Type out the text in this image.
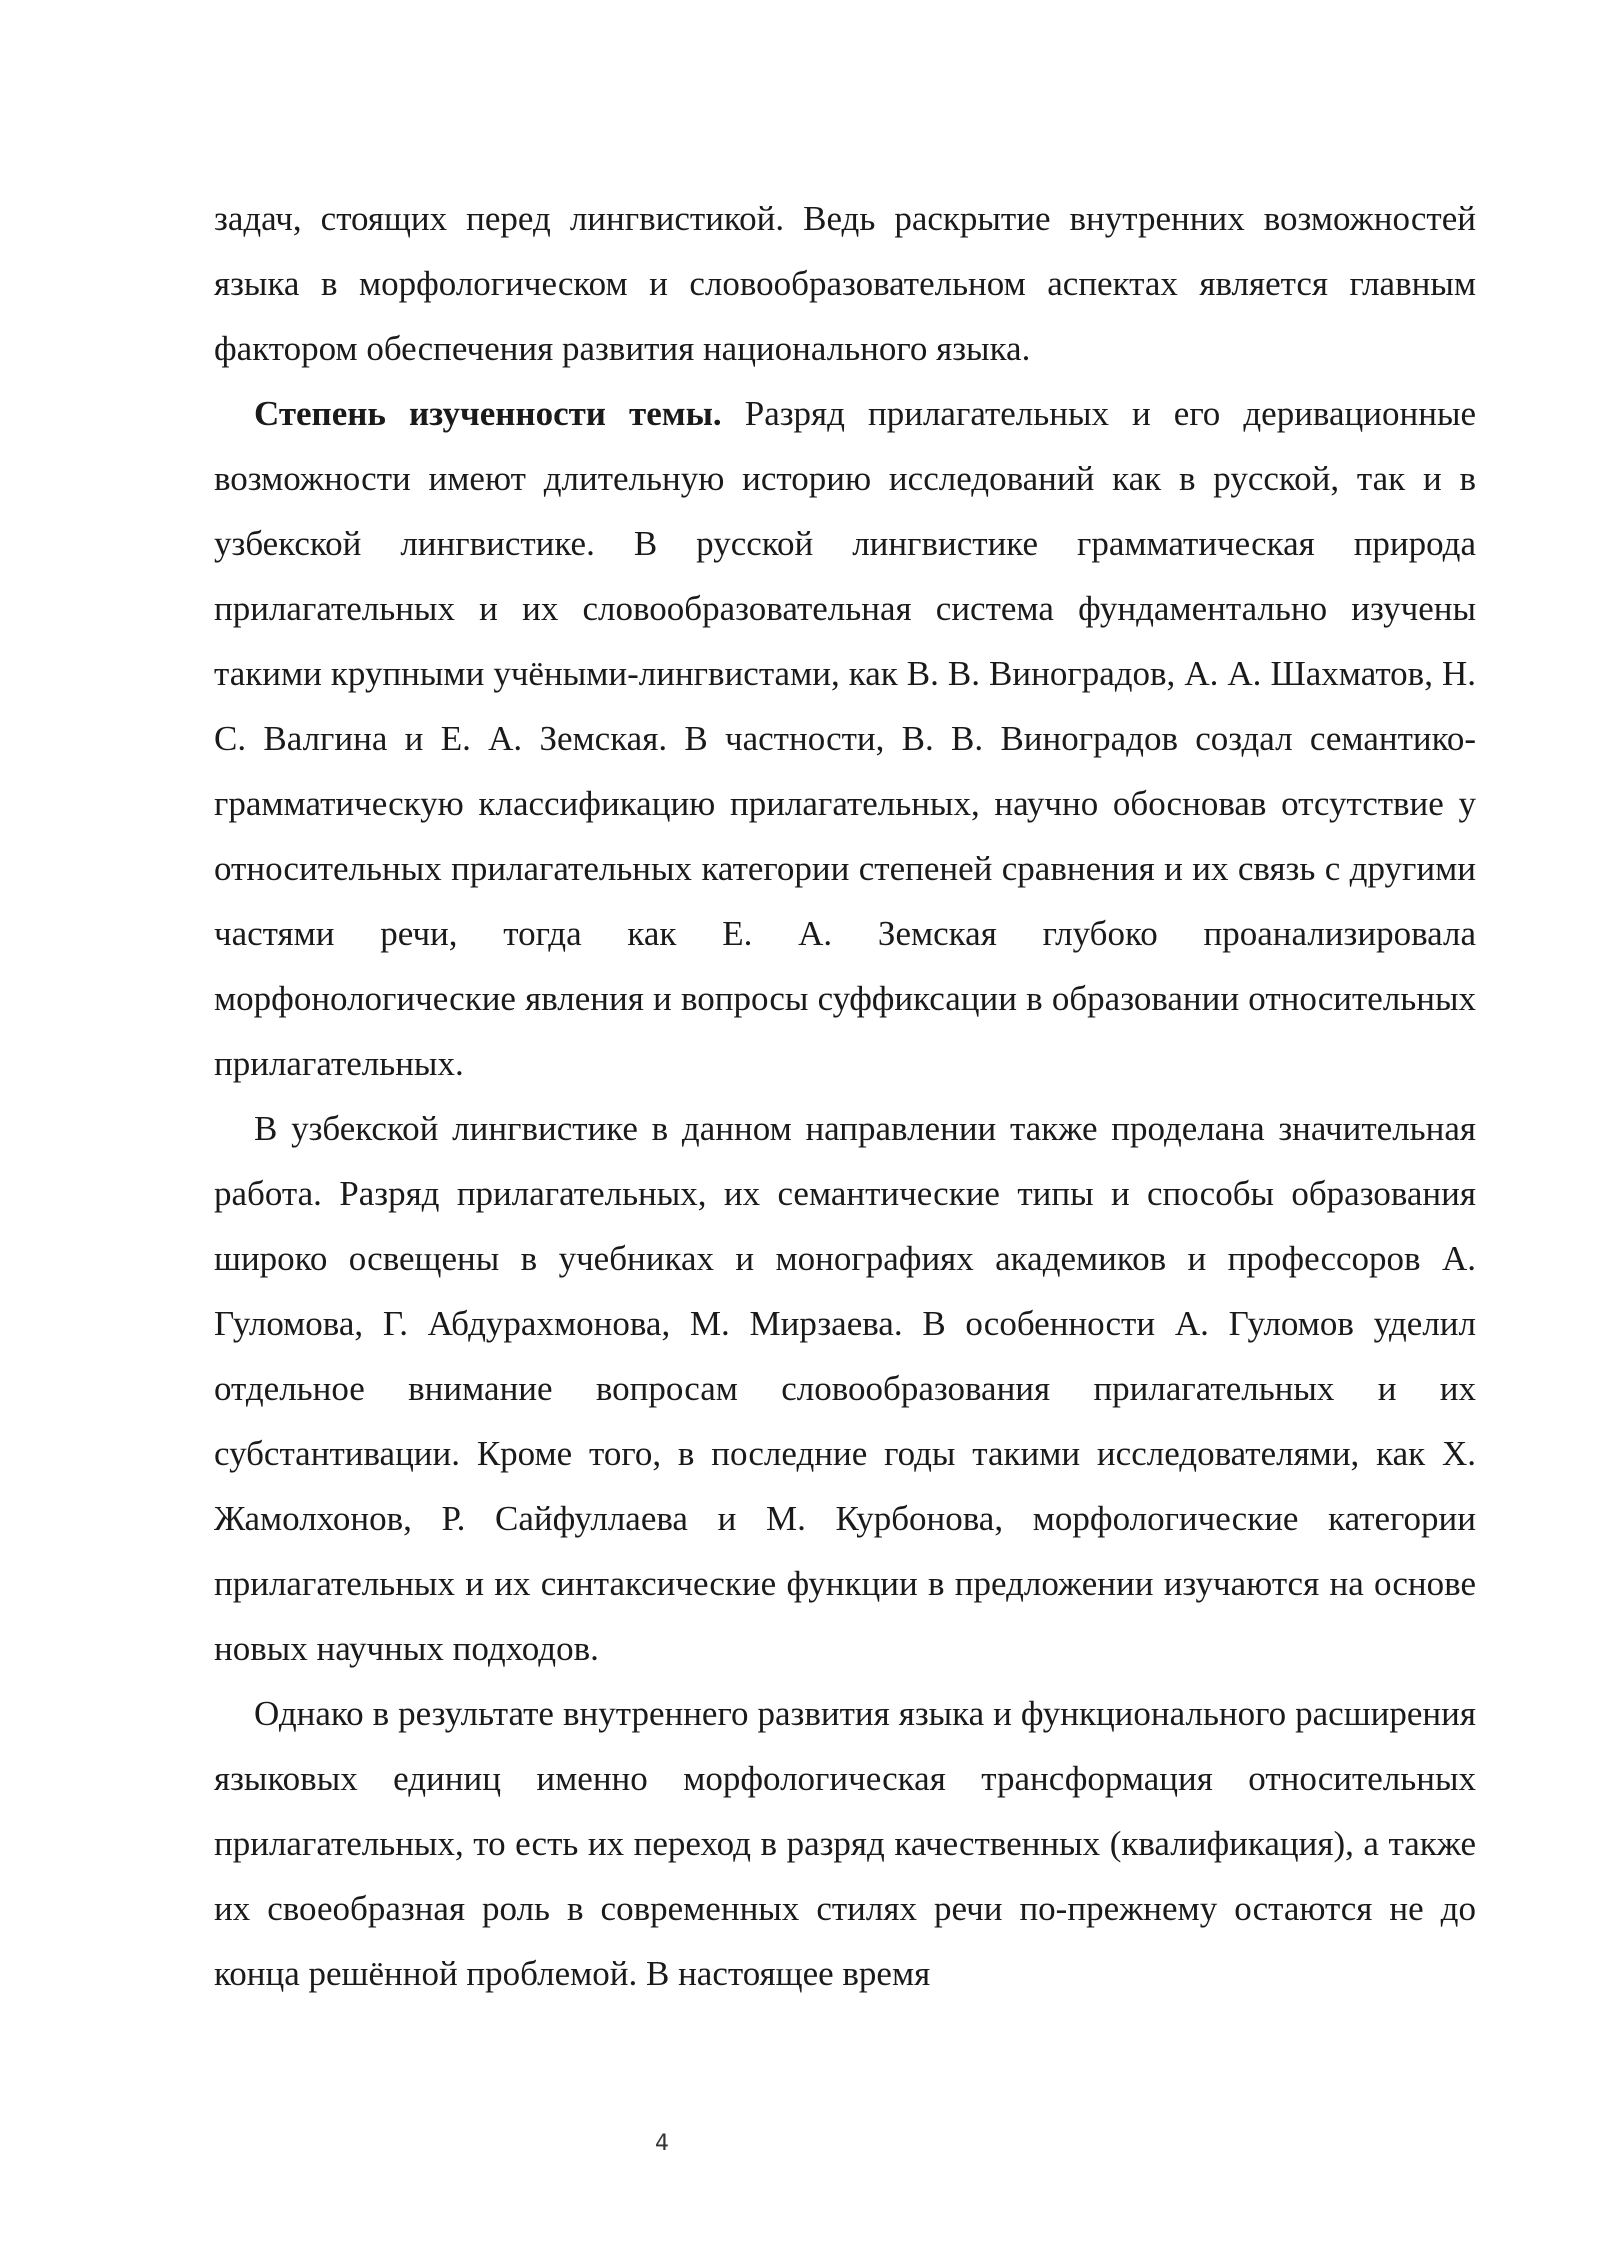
задач, стоящих перед лингвистикой. Ведь раскрытие внутренних возможностей языка в морфологическом и словообразовательном аспектах является главным фактором обеспечения развития национального языка.

Степень изученности темы. Разряд прилагательных и его деривационные возможности имеют длительную историю исследований как в русской, так и в узбекской лингвистике. В русской лингвистике грамматическая природа прилагательных и их словообразовательная система фундаментально изучены такими крупными учёными-лингвистами, как В. В. Виноградов, А. А. Шахматов, Н. С. Валгина и Е. А. Земская. В частности, В. В. Виноградов создал семантико-грамматическую классификацию прилагательных, научно обосновав отсутствие у относительных прилагательных категории степеней сравнения и их связь с другими частями речи, тогда как Е. А. Земская глубоко проанализировала морфонологические явления и вопросы суффиксации в образовании относительных прилагательных.

В узбекской лингвистике в данном направлении также проделана значительная работа. Разряд прилагательных, их семантические типы и способы образования широко освещены в учебниках и монографиях академиков и профессоров А. Гуломова, Г. Абдурахмонова, М. Мирзаева. В особенности А. Гуломов уделил отдельное внимание вопросам словообразования прилагательных и их субстантивации. Кроме того, в последние годы такими исследователями, как Х. Жамолхонов, Р. Сайфуллаева и М. Курбонова, морфологические категории прилагательных и их синтаксические функции в предложении изучаются на основе новых научных подходов.

Однако в результате внутреннего развития языка и функционального расширения языковых единиц именно морфологическая трансформация относительных прилагательных, то есть их переход в разряд качественных (квалификация), а также их своеобразная роль в современных стилях речи по-прежнему остаются не до конца решённой проблемой. В настоящее время

4
